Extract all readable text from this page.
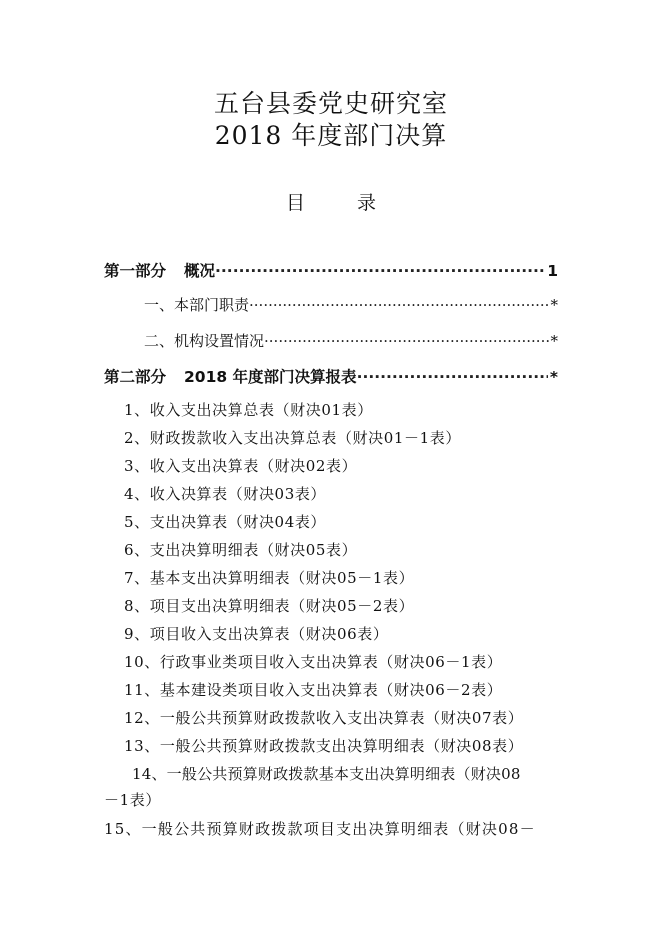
五台县委党史研究室
2018 年度部门决算
目	录
第一部分 概况 ·····	1
一、本部门职责 ·····	*
二、机构设置情况 ·····	*
第二部分 2018 年度部门决算报表 ·····	*
1、收入支出决算总表（财决01表）
2、财政拨款收入支出决算总表（财决01－1表）
3、收入支出决算表（财决02表）
4、收入决算表（财决03表）
5、支出决算表（财决04表）
6、支出决算明细表（财决05表）
7、基本支出决算明细表（财决05－1表）
8、项目支出决算明细表（财决05－2表）
9、项目收入支出决算表（财决06表）
10、行政事业类项目收入支出决算表（财决06－1表）
11、基本建设类项目收入支出决算表（财决06－2表）
12、一般公共预算财政拨款收入支出决算表（财决07表）
13、一般公共预算财政拨款支出决算明细表（财决08表）
14、一般公共预算财政拨款基本支出决算明细表（财决08
－1表）
15、一般公共预算财政拨款项目支出决算明细表（财决08－
